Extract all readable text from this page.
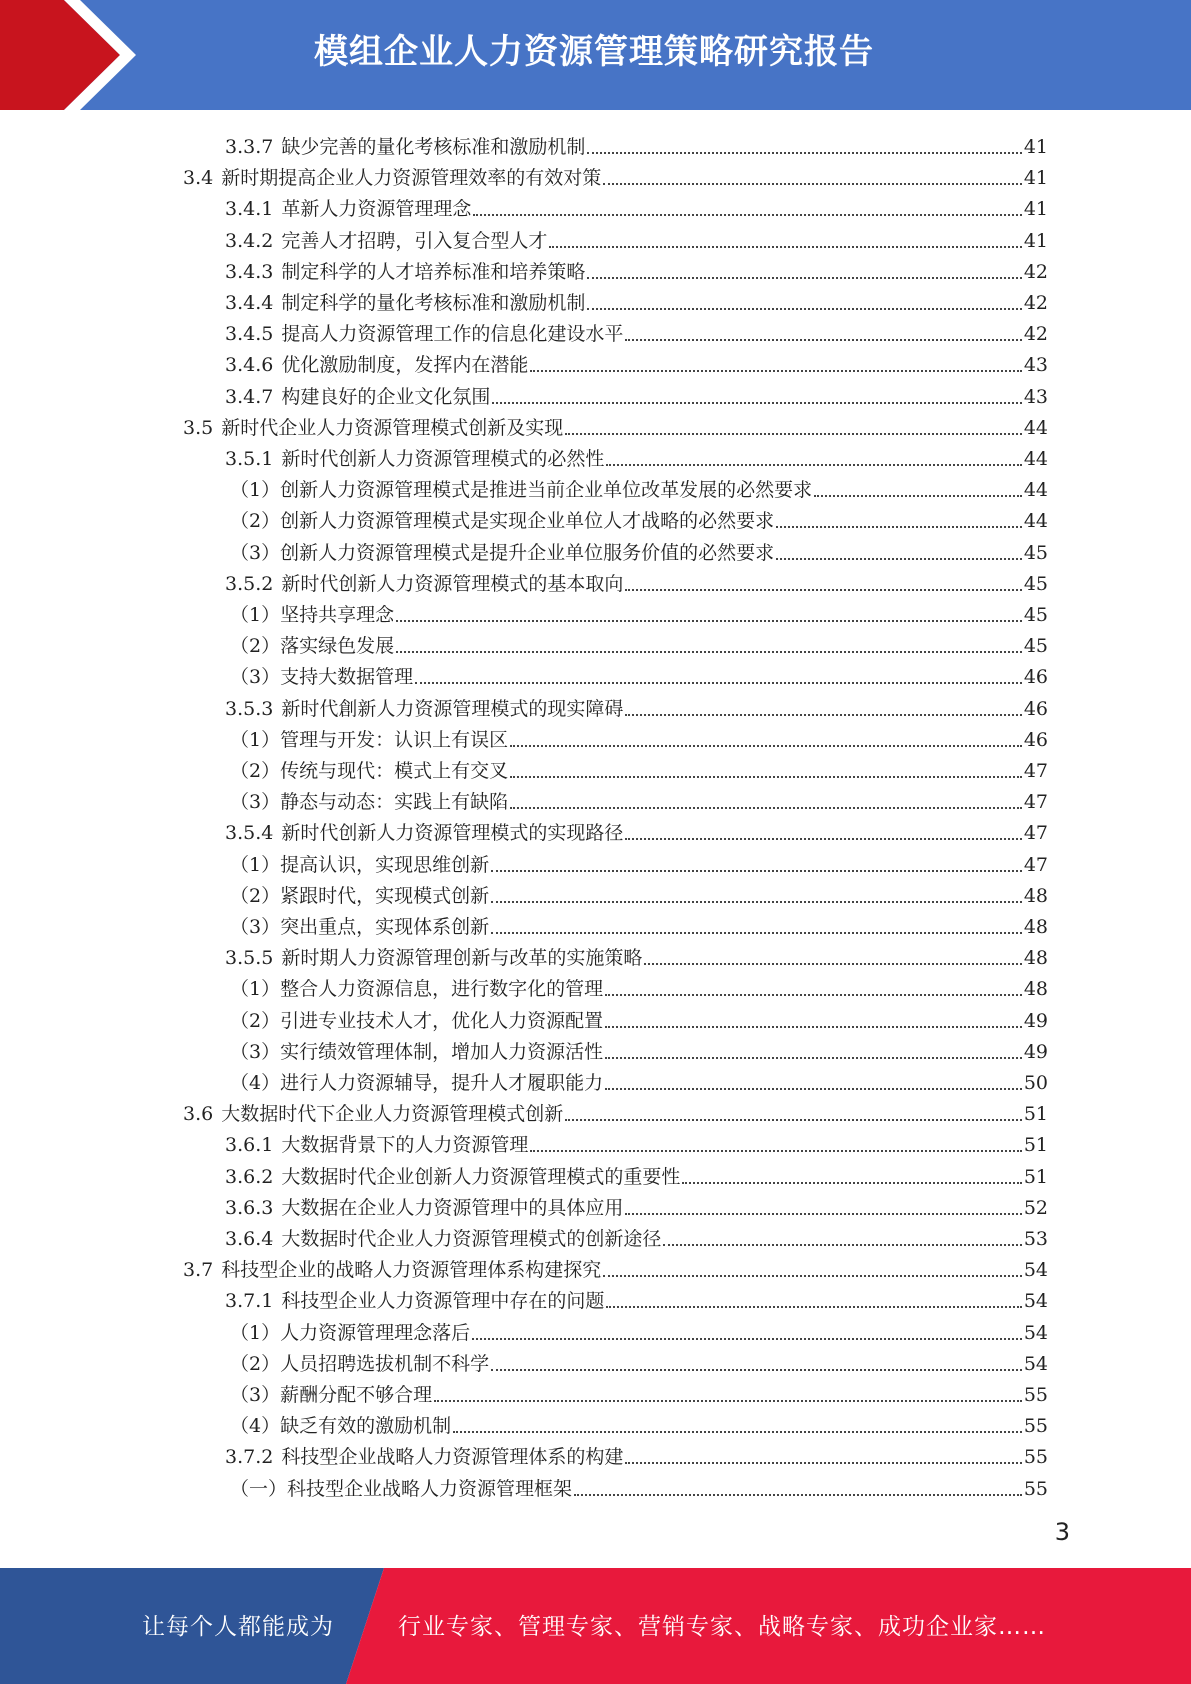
模组企业人力资源管理策略研究报告
3.3.7 缺少完善的量化考核标准和激励机制	41
3.4 新时期提高企业人力资源管理效率的有效对策	41
3.4.1 革新人力资源管理理念	41
3.4.2 完善人才招聘，引入复合型人才	41
3.4.3 制定科学的人才培养标准和培养策略	42
3.4.4 制定科学的量化考核标准和激励机制	42
3.4.5 提高人力资源管理工作的信息化建设水平	42
3.4.6 优化激励制度，发挥内在潜能	43
3.4.7 构建良好的企业文化氛围	43
3.5 新时代企业人力资源管理模式创新及实现	44
3.5.1 新时代创新人力资源管理模式的必然性	44
（1） 创新人力资源管理模式是推进当前企业单位改革发展的必然要求	44
（2） 创新人力资源管理模式是实现企业单位人才战略的必然要求	44
（3） 创新人力资源管理模式是提升企业单位服务价值的必然要求	45
3.5.2 新时代创新人力资源管理模式的基本取向	45
（1） 坚持共享理念	45
（2） 落实绿色发展	45
（3） 支持大数据管理	46
3.5.3 新时代創新人力资源管理模式的现实障碍	46
（1） 管理与开发：认识上有误区	46
（2） 传统与现代：模式上有交叉	47
（3） 静态与动态：实践上有缺陷	47
3.5.4 新时代创新人力资源管理模式的实现路径	47
（1） 提高认识，实现思维创新	47
（2） 紧跟时代，实现模式创新	48
（3） 突出重点，实现体系创新	48
3.5.5 新时期人力资源管理创新与改革的实施策略	48
（1） 整合人力资源信息，进行数字化的管理	48
（2） 引进专业技术人才，优化人力资源配置	49
（3） 实行绩效管理体制，增加人力资源活性	49
（4） 进行人力资源辅导，提升人才履职能力	50
3.6 大数据时代下企业人力资源管理模式创新	51
3.6.1 大数据背景下的人力资源管理	51
3.6.2 大数据时代企业创新人力资源管理模式的重要性	51
3.6.3 大数据在企业人力资源管理中的具体应用	52
3.6.4 大数据时代企业人力资源管理模式的创新途径	53
3.7 科技型企业的战略人力资源管理体系构建探究	54
3.7.1 科技型企业人力资源管理中存在的问题	54
（1） 人力资源管理理念落后	54
（2） 人员招聘选拔机制不科学	54
（3） 薪酬分配不够合理	55
（4） 缺乏有效的激励机制	55
3.7.2 科技型企业战略人力资源管理体系的构建	55
（一） 科技型企业战略人力资源管理框架	55
3
让每个人都能成为	行业专家、管理专家、营销专家、战略专家、成功企业家……
